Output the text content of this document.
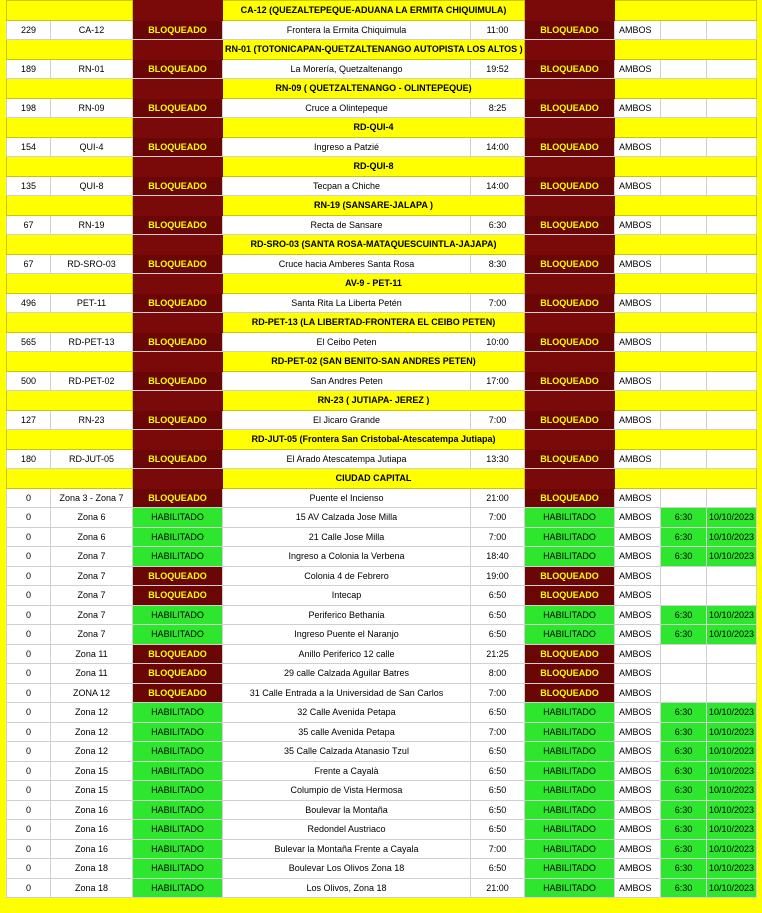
			CA-12 (QUEZALTEPEQUE-ADUANA LA ERMITA CHIQUIMULA)					
229	CA-12	BLOQUEADO	Frontera la Ermita Chiquimula	11:00	BLOQUEADO	AMBOS		
			RN-01 (TOTONICAPAN-QUETZALTENANGO AUTOPISTA LOS ALTOS )					
189	RN-01	BLOQUEADO	La Morería, Quetzaltenango	19:52	BLOQUEADO	AMBOS		
			RN-09 ( QUETZALTENANGO - OLINTEPEQUE)					
198	RN-09	BLOQUEADO	Cruce a Olintepeque	8:25	BLOQUEADO	AMBOS		
			RD-QUI-4					
154	QUI-4	BLOQUEADO	Ingreso a Patzié	14:00	BLOQUEADO	AMBOS		
			RD-QUI-8					
135	QUI-8	BLOQUEADO	Tecpan a Chiche	14:00	BLOQUEADO	AMBOS		
			RN-19 (SANSARE-JALAPA )					
67	RN-19	BLOQUEADO	Recta de Sansare	6:30	BLOQUEADO	AMBOS		
			RD-SRO-03 (SANTA ROSA-MATAQUESCUINTLA-JAJAPA)					
67	RD-SRO-03	BLOQUEADO	Cruce hacia Amberes Santa Rosa	8:30	BLOQUEADO	AMBOS		
			AV-9 - PET-11					
496	PET-11	BLOQUEADO	Santa Rita La Liberta Petén	7:00	BLOQUEADO	AMBOS		
			RD-PET-13 (LA LIBERTAD-FRONTERA EL CEIBO PETEN)					
565	RD-PET-13	BLOQUEADO	El Ceibo Peten	10:00	BLOQUEADO	AMBOS		
			RD-PET-02 (SAN BENITO-SAN ANDRES PETEN)					
500	RD-PET-02	BLOQUEADO	San Andres Peten	17:00	BLOQUEADO	AMBOS		
			RN-23 ( JUTIAPA- JEREZ )					
127	RN-23	BLOQUEADO	El Jicaro Grande	7:00	BLOQUEADO	AMBOS		
			RD-JUT-05 (Frontera San Cristobal-Atescatempa Jutiapa)					
180	RD-JUT-05	BLOQUEADO	El Arado Atescatempa Jutiapa	13:30	BLOQUEADO	AMBOS		
			CIUDAD CAPITAL					
0	Zona 3 - Zona 7	BLOQUEADO	Puente el Incienso	21:00	BLOQUEADO	AMBOS		
0	Zona 6	HABILITADO	15 AV Calzada Jose Milla	7:00	HABILITADO	AMBOS	6:30	10/10/2023
0	Zona 6	HABILITADO	21 Calle Jose Milla	7:00	HABILITADO	AMBOS	6:30	10/10/2023
0	Zona 7	HABILITADO	Ingreso a Colonia la Verbena	18:40	HABILITADO	AMBOS	6:30	10/10/2023
0	Zona 7	BLOQUEADO	Colonia 4 de Febrero	19:00	BLOQUEADO	AMBOS		
0	Zona 7	BLOQUEADO	Intecap	6:50	BLOQUEADO	AMBOS		
0	Zona 7	HABILITADO	Periferico Bethania	6:50	HABILITADO	AMBOS	6:30	10/10/2023
0	Zona 7	HABILITADO	Ingreso Puente el Naranjo	6:50	HABILITADO	AMBOS	6:30	10/10/2023
0	Zona 11	BLOQUEADO	Anillo Periferico 12 calle	21:25	BLOQUEADO	AMBOS		
0	Zona 11	BLOQUEADO	29 calle Calzada Aguilar Batres	8:00	BLOQUEADO	AMBOS		
0	ZONA 12	BLOQUEADO	31 Calle Entrada a la Universidad de San Carlos	7:00	BLOQUEADO	AMBOS		
0	Zona 12	HABILITADO	32 Calle Avenida Petapa	6:50	HABILITADO	AMBOS	6:30	10/10/2023
0	Zona 12	HABILITADO	35 calle Avenida Petapa	7:00	HABILITADO	AMBOS	6:30	10/10/2023
0	Zona 12	HABILITADO	35 Calle Calzada Atanasio Tzul	6:50	HABILITADO	AMBOS	6:30	10/10/2023
0	Zona 15	HABILITADO	Frente a Cayalà	6:50	HABILITADO	AMBOS	6:30	10/10/2023
0	Zona 15	HABILITADO	Columpio de Vista Hermosa	6:50	HABILITADO	AMBOS	6:30	10/10/2023
0	Zona 16	HABILITADO	Boulevar la Montaña	6:50	HABILITADO	AMBOS	6:30	10/10/2023
0	Zona 16	HABILITADO	Redondel Austriaco	6:50	HABILITADO	AMBOS	6:30	10/10/2023
0	Zona 16	HABILITADO	Bulevar la Montaña Frente a Cayala	7:00	HABILITADO	AMBOS	6:30	10/10/2023
0	Zona 18	HABILITADO	Boulevar Los Olivos Zona 18	6:50	HABILITADO	AMBOS	6:30	10/10/2023
0	Zona 18	HABILITADO	Los Olivos, Zona 18	21:00	HABILITADO	AMBOS	6:30	10/10/2023
